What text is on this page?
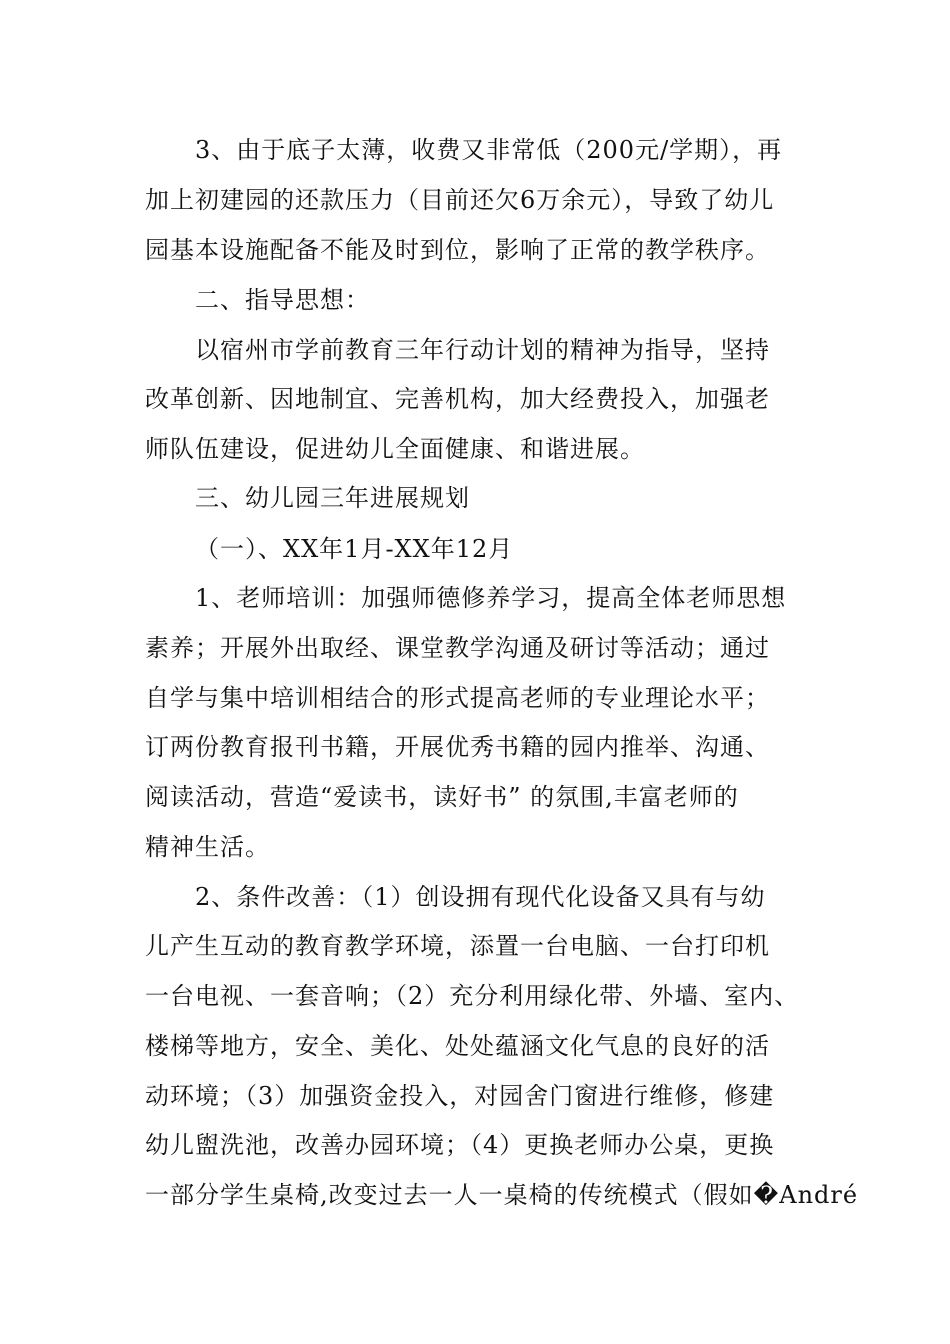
3、由于底子太薄，收费又非常低（200元/学期），再
加上初建园的还款压力（目前还欠6万余元），导致了幼儿
园基本设施配备不能及时到位，影响了正常的教学秩序。
二、指导思想：
以宿州市学前教育三年行动计划的精神为指导，坚持
改革创新、因地制宜、完善机构，加大经费投入，加强老
师队伍建设，促进幼儿全面健康、和谐进展。
三、幼儿园三年进展规划
（一）、XX年1月-XX年12月
1、老师培训：加强师德修养学习，提高全体老师思想
素养；开展外出取经、课堂教学沟通及研讨等活动；通过
自学与集中培训相结合的形式提高老师的专业理论水平；
订两份教育报刊书籍，开展优秀书籍的园内推举、沟通、
阅读活动，营造“爱读书，读好书” 的氛围,丰富老师的
精神生活。
2、条件改善：（1）创设拥有现代化设备又具有与幼
儿产生互动的教育教学环境，添置一台电脑、一台打印机
一台电视、一套音响；（2）充分利用绿化带、外墙、室内、
楼梯等地方，安全、美化、处处蕴涵文化气息的良好的活
动环境；（3）加强资金投入，对园舍门窗进行维修，修建
幼儿盥洗池，改善办园环境；（4）更换老师办公桌，更换
一部分学生桌椅,改变过去一人一桌椅的传统模式（假如�André
